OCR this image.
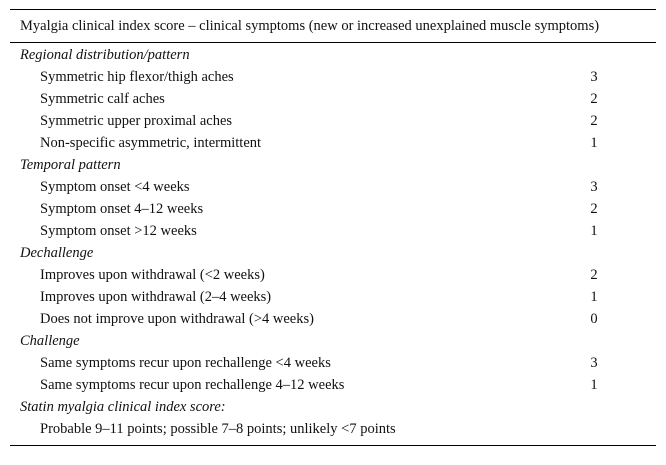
Myalgia clinical index score – clinical symptoms (new or increased unexplained muscle symptoms)
Regional distribution/pattern
Symmetric hip flexor/thigh aches	3
Symmetric calf aches	2
Symmetric upper proximal aches	2
Non-specific asymmetric, intermittent	1
Temporal pattern
Symptom onset <4 weeks	3
Symptom onset 4–12 weeks	2
Symptom onset >12 weeks	1
Dechallenge
Improves upon withdrawal (<2 weeks)	2
Improves upon withdrawal (2–4 weeks)	1
Does not improve upon withdrawal (>4 weeks)	0
Challenge
Same symptoms recur upon rechallenge <4 weeks	3
Same symptoms recur upon rechallenge 4–12 weeks	1
Statin myalgia clinical index score:
Probable 9–11 points; possible 7–8 points; unlikely <7 points
